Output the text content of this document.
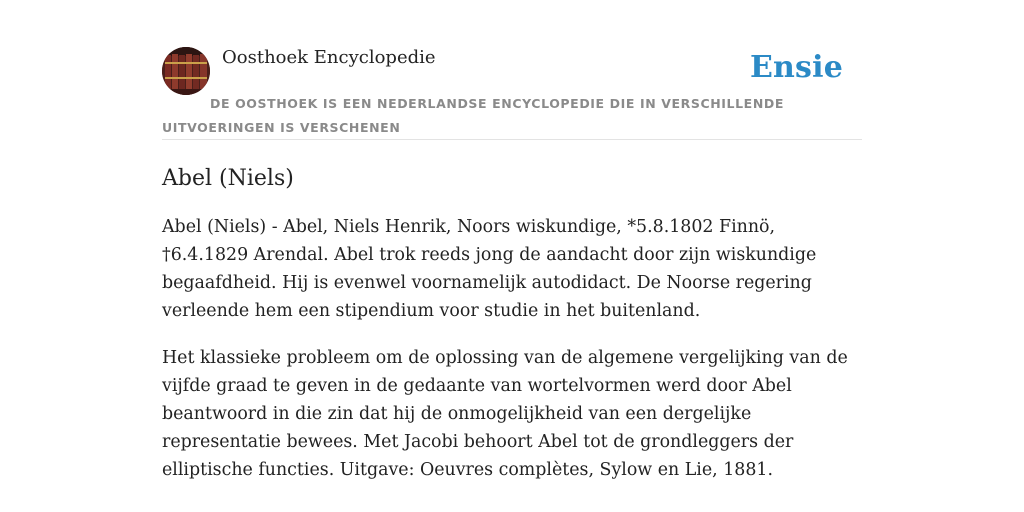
Oosthoek Encyclopedie	Ensie
DE OOSTHOEK IS EEN NEDERLANDSE ENCYCLOPEDIE DIE IN VERSCHILLENDE UITVOERINGEN IS VERSCHENEN
Abel (Niels)

Abel (Niels) - Abel, Niels Henrik, Noors wiskundige, *5.8.1802 Finnö, †6.4.1829 Arendal. Abel trok reeds jong de aandacht door zijn wiskundige begaafdheid. Hij is evenwel voornamelijk autodidact. De Noorse regering verleende hem een stipendium voor studie in het buitenland.

Het klassieke probleem om de oplossing van de algemene vergelijking van de vijfde graad te geven in de gedaante van wortelvormen werd door Abel beantwoord in die zin dat hij de onmogelijkheid van een dergelijke representatie bewees. Met Jacobi behoort Abel tot de grondleggers der elliptische functies. Uitgave: Oeuvres complètes, Sylow en Lie, 1881.
